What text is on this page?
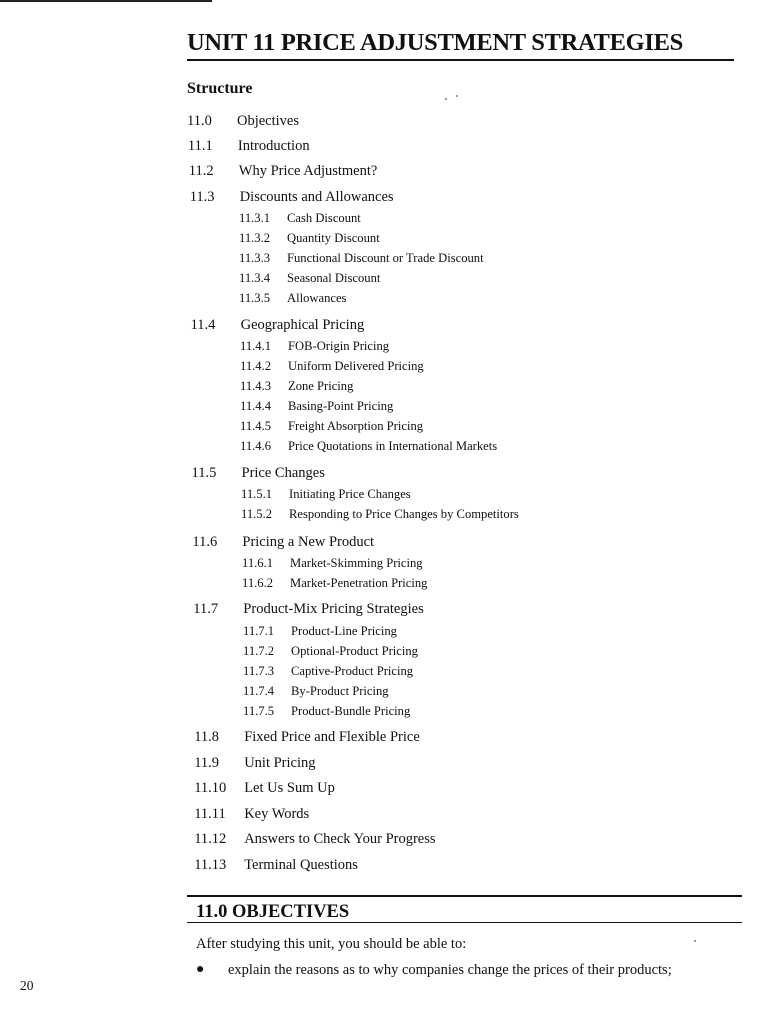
UNIT 11 PRICE ADJUSTMENT STRATEGIES
Structure
11.0 Objectives
11.1 Introduction
11.2 Why Price Adjustment?
11.3 Discounts and Allowances
11.3.1 Cash Discount
11.3.2 Quantity Discount
11.3.3 Functional Discount or Trade Discount
11.3.4 Seasonal Discount
11.3.5 Allowances
11.4 Geographical Pricing
11.4.1 FOB-Origin Pricing
11.4.2 Uniform Delivered Pricing
11.4.3 Zone Pricing
11.4.4 Basing-Point Pricing
11.4.5 Freight Absorption Pricing
11.4.6 Price Quotations in International Markets
11.5 Price Changes
11.5.1 Initiating Price Changes
11.5.2 Responding to Price Changes by Competitors
11.6 Pricing a New Product
11.6.1 Market-Skimming Pricing
11.6.2 Market-Penetration Pricing
11.7 Product-Mix Pricing Strategies
11.7.1 Product-Line Pricing
11.7.2 Optional-Product Pricing
11.7.3 Captive-Product Pricing
11.7.4 By-Product Pricing
11.7.5 Product-Bundle Pricing
11.8 Fixed Price and Flexible Price
11.9 Unit Pricing
11.10 Let Us Sum Up
11.11 Key Words
11.12 Answers to Check Your Progress
11.13 Terminal Questions
11.0 OBJECTIVES

After studying this unit, you should be able to:

● explain the reasons as to why companies change the prices of their products;
20
